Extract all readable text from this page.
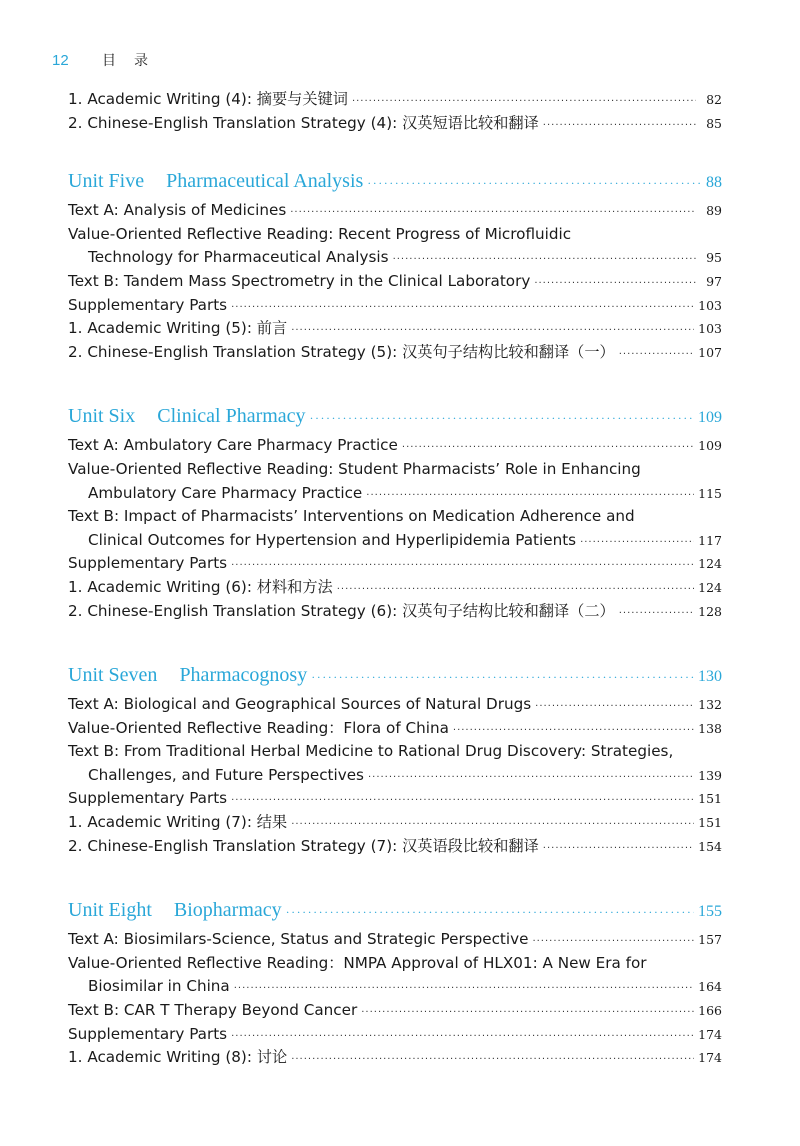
12	目录
1. Academic Writing (4): 摘要与关键词 ·····	82
2. Chinese-English Translation Strategy (4): 汉英短语比较和翻译 ·····	85
Unit Five Pharmaceutical Analysis ·····	88
Text A: Analysis of Medicines ·····	89
Value-Oriented Reflective Reading: Recent Progress of Microfluidic
Technology for Pharmaceutical Analysis ·····	95
Text B: Tandem Mass Spectrometry in the Clinical Laboratory ·····	97
Supplementary Parts ·····	103
1. Academic Writing (5): 前言 ·····	103
2. Chinese-English Translation Strategy (5): 汉英句子结构比较和翻译（一） ·····	107
Unit Six Clinical Pharmacy ·····	109
Text A: Ambulatory Care Pharmacy Practice ·····	109
Value-Oriented Reflective Reading: Student Pharmacists’ Role in Enhancing
Ambulatory Care Pharmacy Practice ·····	115
Text B: Impact of Pharmacists’ Interventions on Medication Adherence and
Clinical Outcomes for Hypertension and Hyperlipidemia Patients ·····	117
Supplementary Parts ·····	124
1. Academic Writing (6): 材料和方法 ·····	124
2. Chinese-English Translation Strategy (6): 汉英句子结构比较和翻译（二） ·····	128
Unit Seven Pharmacognosy ·····	130
Text A: Biological and Geographical Sources of Natural Drugs ·····	132
Value-Oriented Reflective Reading：Flora of China ·····	138
Text B: From Traditional Herbal Medicine to Rational Drug Discovery: Strategies,
Challenges, and Future Perspectives ·····	139
Supplementary Parts ·····	151
1. Academic Writing (7): 结果 ·····	151
2. Chinese-English Translation Strategy (7): 汉英语段比较和翻译 ·····	154
Unit Eight Biopharmacy ·····	155
Text A: Biosimilars-Science, Status and Strategic Perspective ·····	157
Value-Oriented Reflective Reading：NMPA Approval of HLX01: A New Era for
Biosimilar in China ·····	164
Text B: CAR T Therapy Beyond Cancer ·····	166
Supplementary Parts ·····	174
1. Academic Writing (8): 讨论 ·····	174
